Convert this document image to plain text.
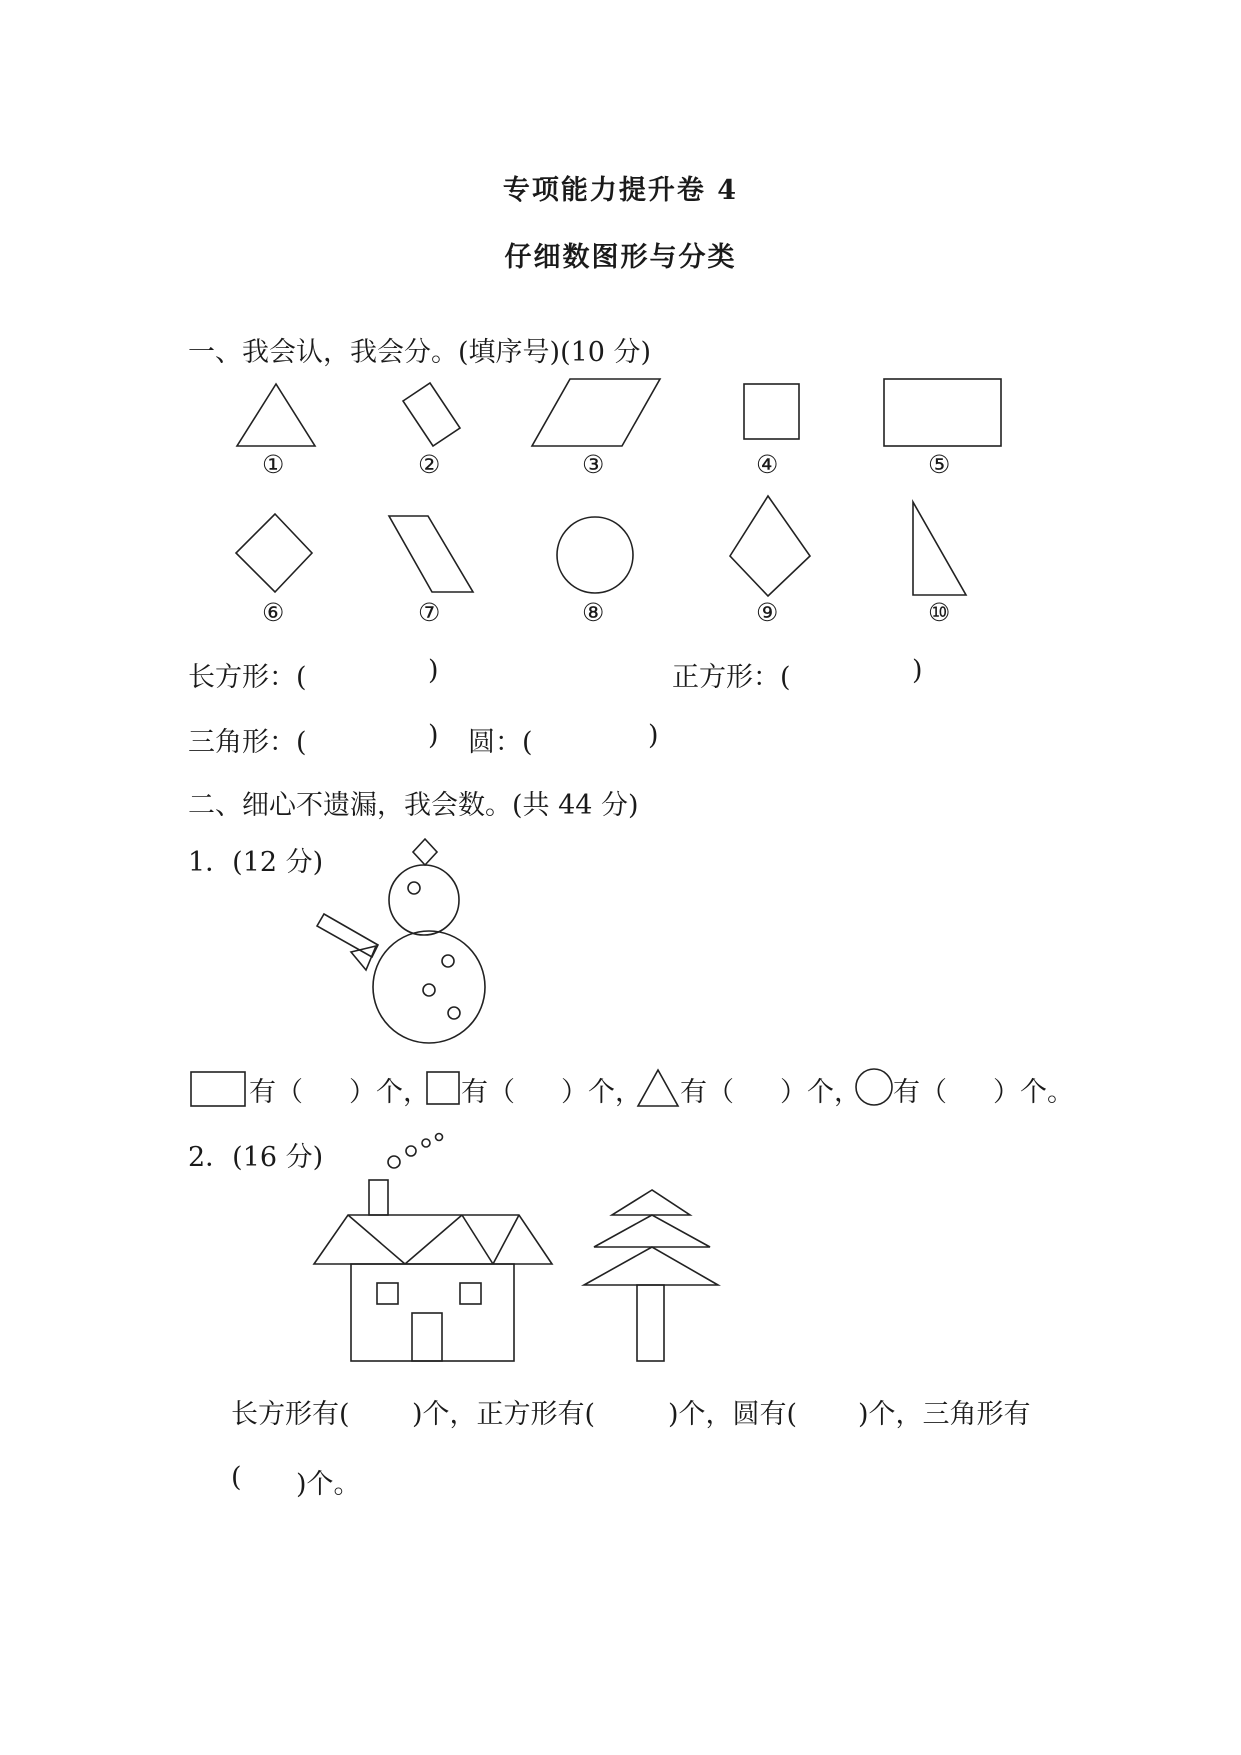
专项能力提升卷 4
仔细数图形与分类
一、我会认，我会分。(填序号)(10 分)
①	②	③	④	⑤
⑥	⑦	⑧	⑨	⑩
长方形：(	)	正方形：(	)
三角形：(	) 圆：(	)
二、细心不遗漏，我会数。(共 44 分)
1．(12 分)
有（ ）个， 有（ ）个， 有（ ）个， 有（ ）个。
2．(16 分)
长方形有( )个，正方形有(	)个，圆有( )个，三角形有
( )个。
